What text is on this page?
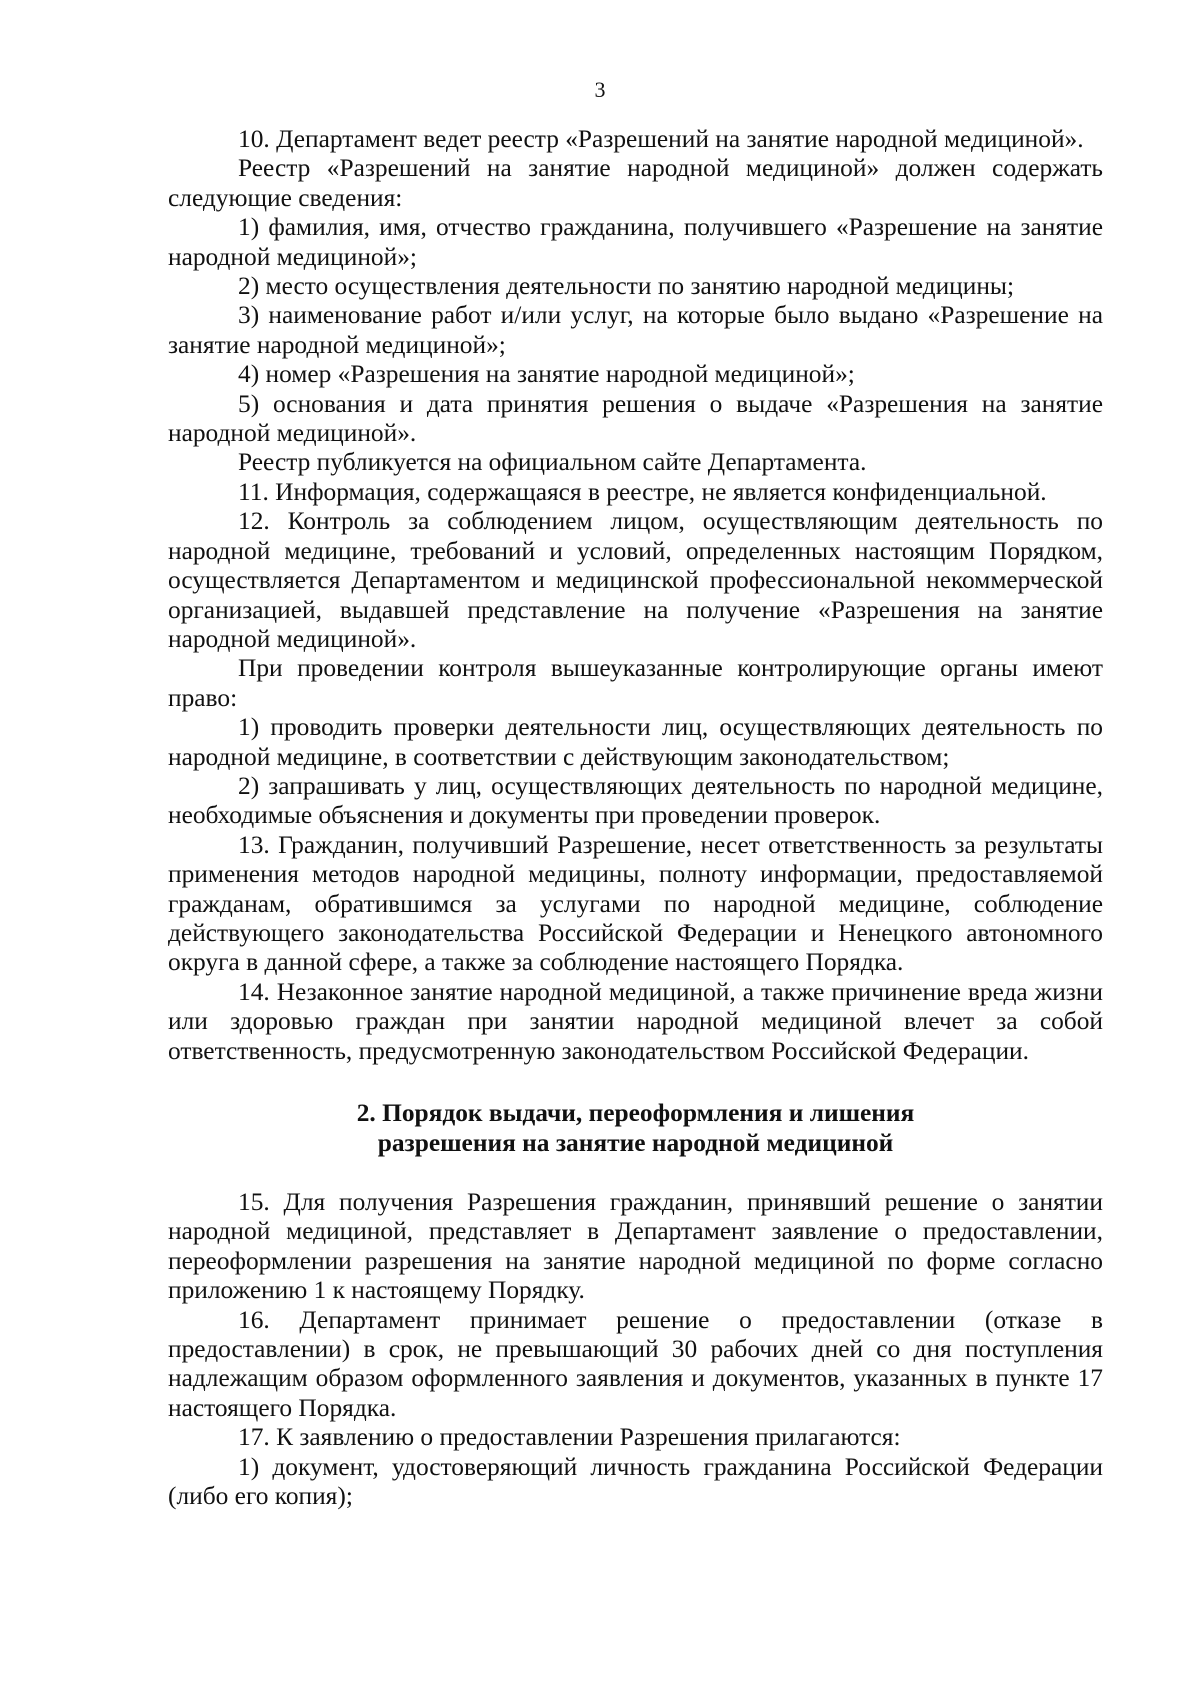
3

10. Департамент ведет реестр «Разрешений на занятие народной медициной».

Реестр «Разрешений на занятие народной медициной» должен содержать следующие сведения:

1) фамилия, имя, отчество гражданина, получившего «Разрешение на занятие народной медициной»;

2) место осуществления деятельности по занятию народной медицины;

3) наименование работ и/или услуг, на которые было выдано «Разрешение на занятие народной медициной»;

4) номер «Разрешения на занятие народной медициной»;

5) основания и дата принятия решения о выдаче «Разрешения на занятие народной медициной».

Реестр публикуется на официальном сайте Департамента.

11. Информация, содержащаяся в реестре, не является конфиденциальной.

12. Контроль за соблюдением лицом, осуществляющим деятельность по народной медицине, требований и условий, определенных настоящим Порядком, осуществляется Департаментом и медицинской профессиональной некоммерческой организацией, выдавшей представление на получение «Разрешения на занятие народной медициной».

При проведении контроля вышеуказанные контролирующие органы имеют право:

1) проводить проверки деятельности лиц, осуществляющих деятельность по народной медицине, в соответствии с действующим законодательством;

2) запрашивать у лиц, осуществляющих деятельность по народной медицине, необходимые объяснения и документы при проведении проверок.

13. Гражданин, получивший Разрешение, несет ответственность за результаты применения методов народной медицины, полноту информации, предоставляемой гражданам, обратившимся за услугами по народной медицине, соблюдение действующего законодательства Российской Федерации и Ненецкого автономного округа в данной сфере, а также за соблюдение настоящего Порядка.

14. Незаконное занятие народной медициной, а также причинение вреда жизни или здоровью граждан при занятии народной медициной влечет за собой ответственность, предусмотренную законодательством Российской Федерации.

2. Порядок выдачи, переоформления и лишения
разрешения на занятие народной медициной

15. Для получения Разрешения гражданин, принявший решение о занятии народной медициной, представляет в Департамент заявление о предоставлении, переоформлении разрешения на занятие народной медициной по форме согласно приложению 1 к настоящему Порядку.

16. Департамент принимает решение о предоставлении (отказе в предоставлении) в срок, не превышающий 30 рабочих дней со дня поступления надлежащим образом оформленного заявления и документов, указанных в пункте 17 настоящего Порядка.

17. К заявлению о предоставлении Разрешения прилагаются:

1) документ, удостоверяющий личность гражданина Российской Федерации (либо его копия);
